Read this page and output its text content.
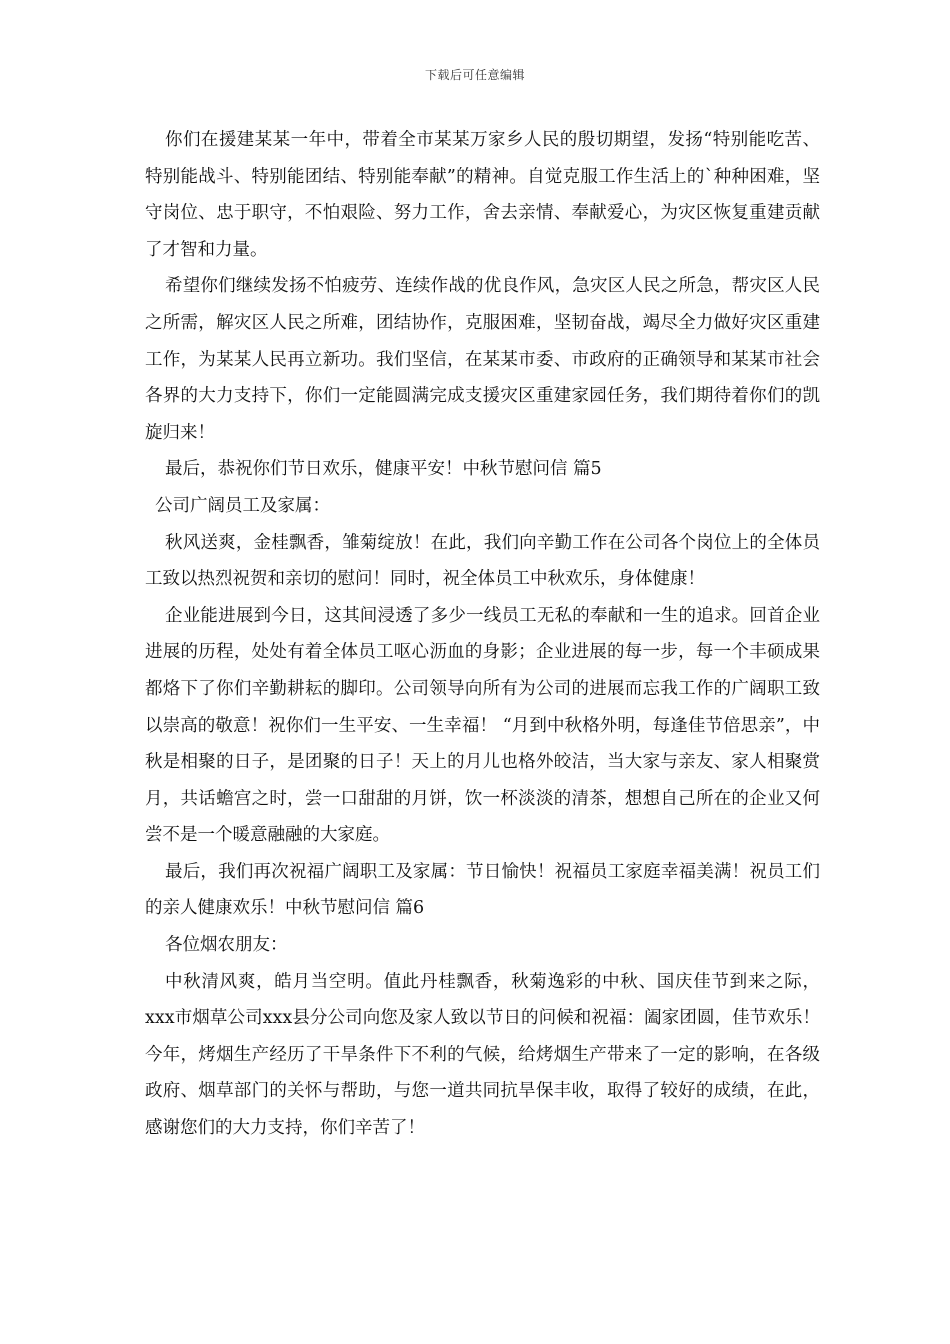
下载后可任意编辑

你们在援建某某一年中，带着全市某某万家乡人民的殷切期望，发扬“特别能吃苦、特别能战斗、特别能团结、特别能奉献”的精神。自觉克服工作生活上的`种种困难，坚守岗位、忠于职守，不怕艰险、努力工作，舍去亲情、奉献爱心，为灾区恢复重建贡献了才智和力量。

希望你们继续发扬不怕疲劳、连续作战的优良作风，急灾区人民之所急，帮灾区人民之所需，解灾区人民之所难，团结协作，克服困难，坚韧奋战，竭尽全力做好灾区重建工作，为某某人民再立新功。我们坚信，在某某市委、市政府的正确领导和某某市社会各界的大力支持下，你们一定能圆满完成支援灾区重建家园任务，我们期待着你们的凯旋归来！

最后，恭祝你们节日欢乐，健康平安！中秋节慰问信 篇5

公司广阔员工及家属：

秋风送爽，金桂飘香，雏菊绽放！在此，我们向辛勤工作在公司各个岗位上的全体员工致以热烈祝贺和亲切的慰问！同时，祝全体员工中秋欢乐，身体健康！

企业能进展到今日，这其间浸透了多少一线员工无私的奉献和一生的追求。回首企业进展的历程，处处有着全体员工呕心沥血的身影；企业进展的每一步，每一个丰硕成果都烙下了你们辛勤耕耘的脚印。公司领导向所有为公司的进展而忘我工作的广阔职工致以崇高的敬意！祝你们一生平安、一生幸福！ “月到中秋格外明，每逢佳节倍思亲”，中秋是相聚的日子，是团聚的日子！天上的月儿也格外皎洁，当大家与亲友、家人相聚赏月，共话蟾宫之时，尝一口甜甜的月饼，饮一杯淡淡的清茶，想想自己所在的企业又何尝不是一个暖意融融的大家庭。

最后，我们再次祝福广阔职工及家属：节日愉快！祝福员工家庭幸福美满！祝员工们的亲人健康欢乐！中秋节慰问信 篇6

各位烟农朋友：

中秋清风爽，皓月当空明。值此丹桂飘香，秋菊逸彩的中秋、国庆佳节到来之际，xxx市烟草公司xxx县分公司向您及家人致以节日的问候和祝福：阖家团圆，佳节欢乐！今年，烤烟生产经历了干旱条件下不利的气候，给烤烟生产带来了一定的影响，在各级政府、烟草部门的关怀与帮助，与您一道共同抗旱保丰收，取得了较好的成绩，在此，感谢您们的大力支持，你们辛苦了！
